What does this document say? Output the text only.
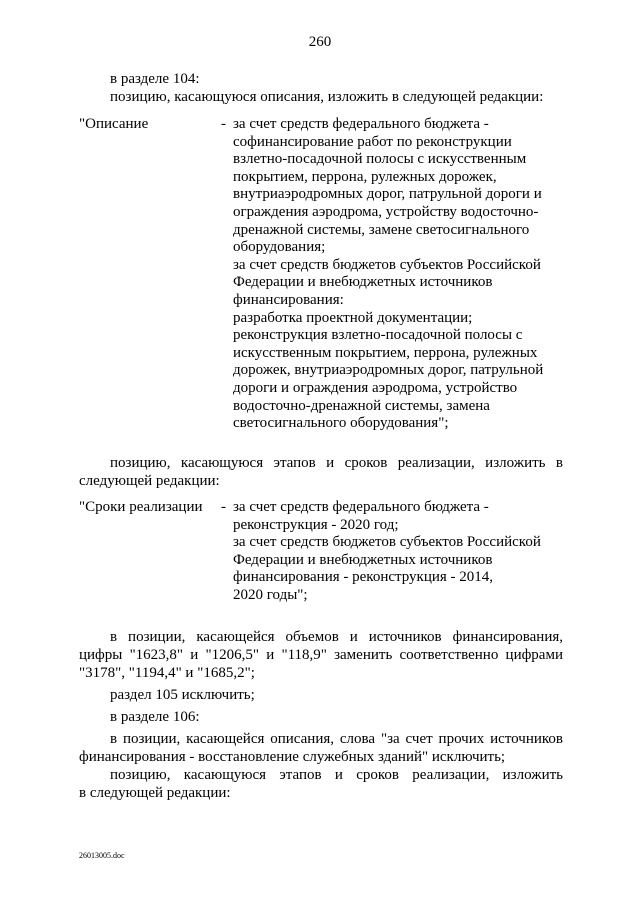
260
в разделе 104:
позицию, касающуюся описания, изложить в следующей редакции:
"Описание	- за счет средств федерального бюджета -
софинансирование работ по реконструкции
взлетно-посадочной полосы с искусственным
покрытием, перрона, рулежных дорожек,
внутриаэродромных дорог, патрульной дороги и
ограждения аэродрома, устройству водосточно-
дренажной системы, замене светосигнального
оборудования;
за счет средств бюджетов субъектов Российской
Федерации и внебюджетных источников
финансирования:
разработка проектной документации;
реконструкция взлетно-посадочной полосы с
искусственным покрытием, перрона, рулежных
дорожек, внутриаэродромных дорог, патрульной
дороги и ограждения аэродрома, устройство
водосточно-дренажной системы, замена
светосигнального оборудования";
позицию, касающуюся этапов и сроков реализации, изложить в
следующей редакции:
"Сроки реализации - за счет средств федерального бюджета -
реконструкция - 2020 год;
за счет средств бюджетов субъектов Российской
Федерации и внебюджетных источников
финансирования - реконструкция - 2014,
2020 годы";
в позиции, касающейся объемов и источников финансирования,
цифры "1623,8" и "1206,5" и "118,9" заменить соответственно цифрами
"3178", "1194,4" и "1685,2";
раздел 105 исключить;
в разделе 106:
в позиции, касающейся описания, слова "за счет прочих источников
финансирования - восстановление служебных зданий" исключить;
позицию, касающуюся этапов и сроков реализации, изложить
в следующей редакции:
26013005.doc
